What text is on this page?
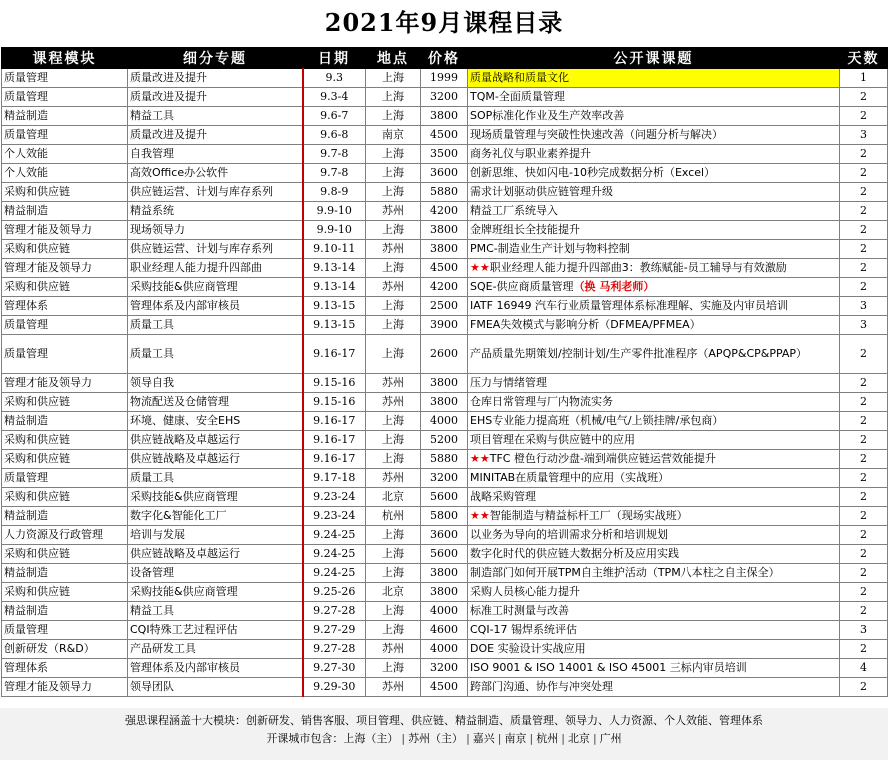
2021年9月课程目录
课程模块	细分专题	日期	地点	价格	公开课课题	天数
质量管理	质量改进及提升	9.3	上海	1999	质量战略和质量文化	1
质量管理	质量改进及提升	9.3-4	上海	3200	TQM-全面质量管理	2
精益制造	精益工具	9.6-7	上海	3800	SOP标准化作业及生产效率改善	2
质量管理	质量改进及提升	9.6-8	南京	4500	现场质量管理与突破性快速改善（问题分析与解决）	3
个人效能	自我管理	9.7-8	上海	3500	商务礼仪与职业素养提升	2
个人效能	高效Office办公软件	9.7-8	上海	3600	创新思维、快如闪电-10秒完成数据分析（Excel）	2
采购和供应链	供应链运营、计划与库存系列	9.8-9	上海	5880	需求计划驱动供应链管理升级	2
精益制造	精益系统	9.9-10	苏州	4200	精益工厂系统导入	2
管理才能及领导力	现场领导力	9.9-10	上海	3800	金牌班组长全技能提升	2
采购和供应链	供应链运营、计划与库存系列	9.10-11	苏州	3800	PMC-制造业生产计划与物料控制	2
管理才能及领导力	职业经理人能力提升四部曲	9.13-14	上海	4500	★★职业经理人能力提升四部曲3：教练赋能-员工辅导与有效激励	2
采购和供应链	采购技能&供应商管理	9.13-14	苏州	4200	SQE-供应商质量管理（换 马利老师）	2
管理体系	管理体系及内部审核员	9.13-15	上海	2500	IATF 16949 汽车行业质量管理体系标准理解、实施及内审员培训	3
质量管理	质量工具	9.13-15	上海	3900	FMEA失效模式与影响分析（DFMEA/PFMEA）	3
质量管理	质量工具	9.16-17	上海	2600	产品质量先期策划/控制计划/生产零件批准程序（APQP&CP&PPAP）	2
管理才能及领导力	领导自我	9.15-16	苏州	3800	压力与情绪管理	2
采购和供应链	物流配送及仓储管理	9.15-16	苏州	3800	仓库日常管理与厂内物流实务	2
精益制造	环境、健康、安全EHS	9.16-17	上海	4000	EHS专业能力提高班（机械/电气/上锁挂牌/承包商）	2
采购和供应链	供应链战略及卓越运行	9.16-17	上海	5200	项目管理在采购与供应链中的应用	2
采购和供应链	供应链战略及卓越运行	9.16-17	上海	5880	★★TFC 橙色行动沙盘-端到端供应链运营效能提升	2
质量管理	质量工具	9.17-18	苏州	3200	MINITAB在质量管理中的应用（实战班）	2
采购和供应链	采购技能&供应商管理	9.23-24	北京	5600	战略采购管理	2
精益制造	数字化&智能化工厂	9.23-24	杭州	5800	★★智能制造与精益标杆工厂（现场实战班）	2
人力资源及行政管理	培训与发展	9.24-25	上海	3600	以业务为导向的培训需求分析和培训规划	2
采购和供应链	供应链战略及卓越运行	9.24-25	上海	5600	数字化时代的供应链大数据分析及应用实践	2
精益制造	设备管理	9.24-25	上海	3800	制造部门如何开展TPM自主维护活动（TPM八本柱之自主保全）	2
采购和供应链	采购技能&供应商管理	9.25-26	北京	3800	采购人员核心能力提升	2
精益制造	精益工具	9.27-28	上海	4000	标准工时测量与改善	2
质量管理	CQI特殊工艺过程评估	9.27-29	上海	4600	CQI-17 锡焊系统评估	3
创新研发（R&D）	产品研发工具	9.27-28	苏州	4000	DOE 实验设计实战应用	2
管理体系	管理体系及内部审核员	9.27-30	上海	3200	ISO 9001 & ISO 14001 & ISO 45001 三标内审员培训	4
管理才能及领导力	领导团队	9.29-30	苏州	4500	跨部门沟通、协作与冲突处理	2
强思课程涵盖十大模块：创新研发、销售客服、项目管理、供应链、精益制造、质量管理、领导力、人力资源、个人效能、管理体系
开课城市包含：上海（主） | 苏州（主） | 嘉兴 | 南京 | 杭州 | 北京 | 广州
